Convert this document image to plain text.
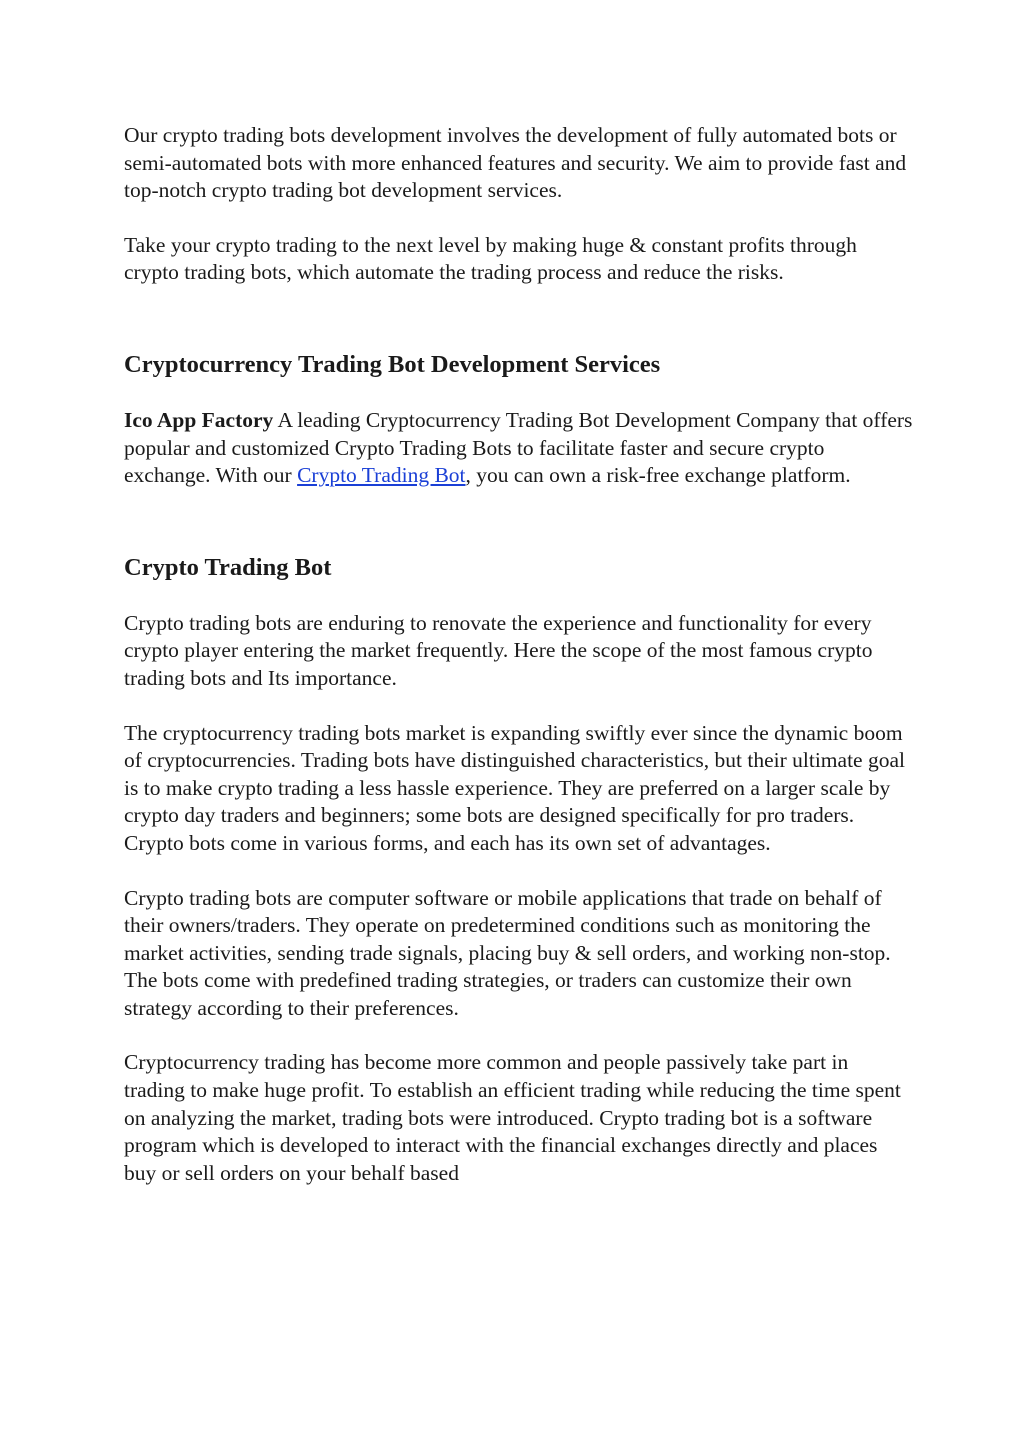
Our crypto trading bots development involves the development of fully automated bots or semi-automated bots with more enhanced features and security. We aim to provide fast and top-notch crypto trading bot development services.

Take your crypto trading to the next level by making huge & constant profits through crypto trading bots, which automate the trading process and reduce the risks.

Cryptocurrency Trading Bot Development Services

Ico App Factory A leading Cryptocurrency Trading Bot Development Company that offers popular and customized Crypto Trading Bots to facilitate faster and secure crypto exchange. With our Crypto Trading Bot, you can own a risk-free exchange platform.

Crypto Trading Bot

Crypto trading bots are enduring to renovate the experience and functionality for every crypto player entering the market frequently. Here the scope of the most famous crypto trading bots and Its importance.

The cryptocurrency trading bots market is expanding swiftly ever since the dynamic boom of cryptocurrencies. Trading bots have distinguished characteristics, but their ultimate goal is to make crypto trading a less hassle experience. They are preferred on a larger scale by crypto day traders and beginners; some bots are designed specifically for pro traders. Crypto bots come in various forms, and each has its own set of advantages.

Crypto trading bots are computer software or mobile applications that trade on behalf of their owners/traders. They operate on predetermined conditions such as monitoring the market activities, sending trade signals, placing buy & sell orders, and working non-stop. The bots come with predefined trading strategies, or traders can customize their own strategy according to their preferences.

Cryptocurrency trading has become more common and people passively take part in trading to make huge profit. To establish an efficient trading while reducing the time spent on analyzing the market, trading bots were introduced. Crypto trading bot is a software program which is developed to interact with the financial exchanges directly and places buy or sell orders on your behalf based
